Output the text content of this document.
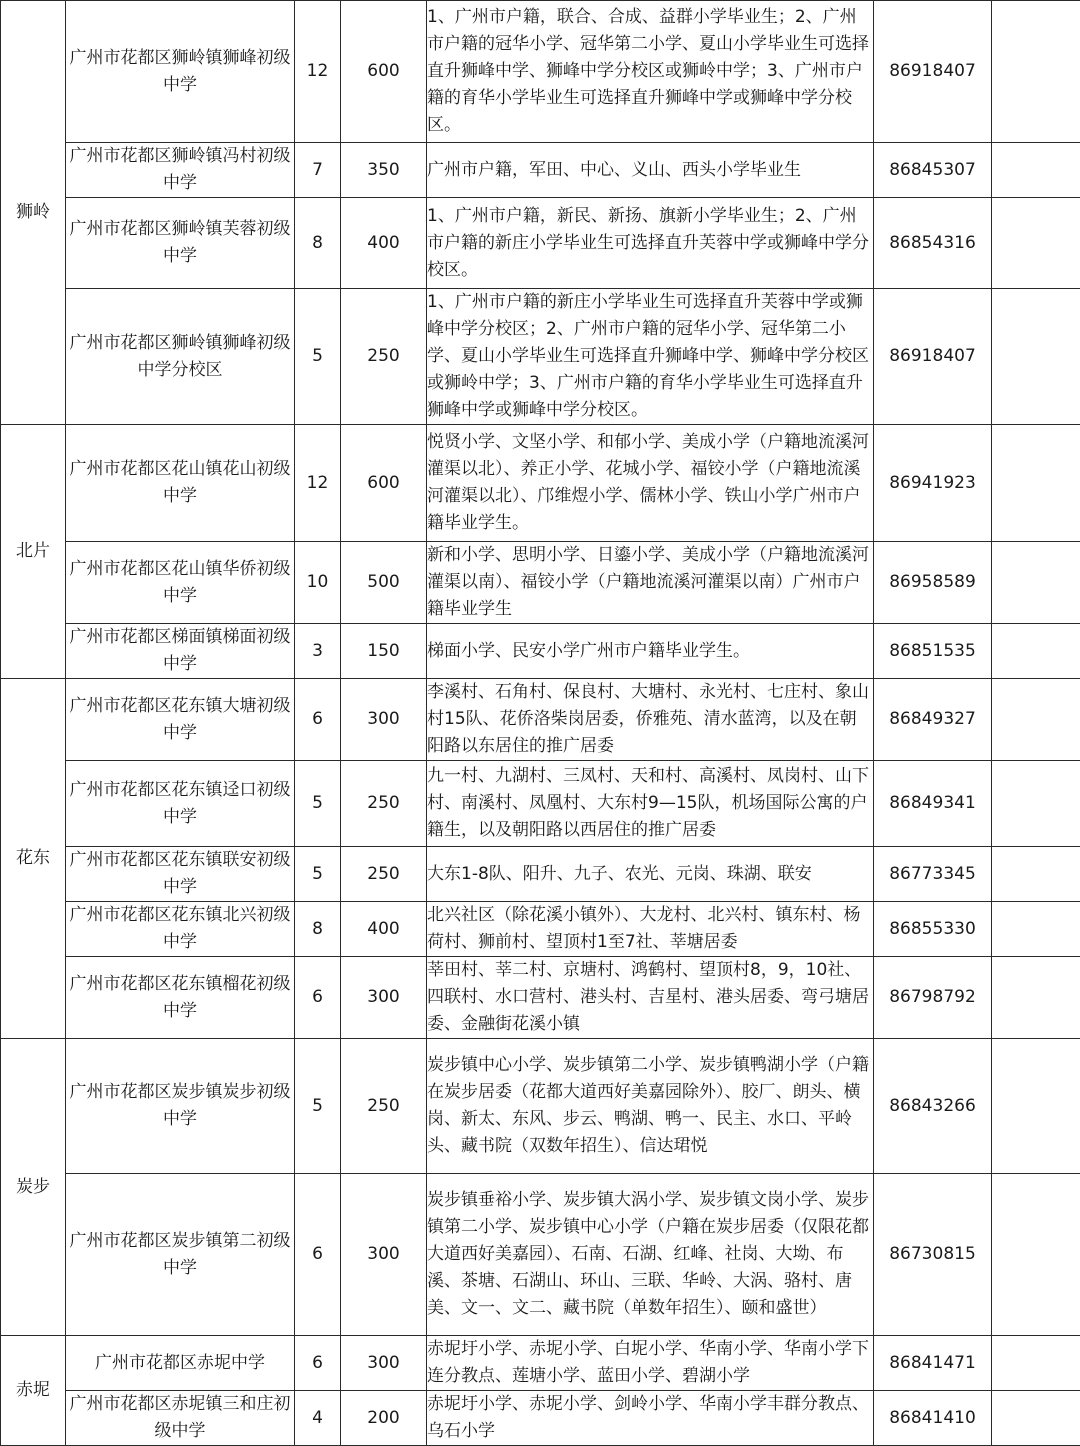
狮岭	广州市花都区狮岭镇狮峰初级中学	12	600	1、广州市户籍，联合、合成、益群小学毕业生；2、广州市户籍的冠华小学、冠华第二小学、夏山小学毕业生可选择直升狮峰中学、狮峰中学分校区或狮岭中学；3、广州市户籍的育华小学毕业生可选择直升狮峰中学或狮峰中学分校区。	86918407	
	广州市花都区狮岭镇冯村初级中学	7	350	广州市户籍，军田、中心、义山、西头小学毕业生	86845307	
	广州市花都区狮岭镇芙蓉初级中学	8	400	1、广州市户籍，新民、新扬、旗新小学毕业生；2、广州市户籍的新庄小学毕业生可选择直升芙蓉中学或狮峰中学分校区。	86854316	
	广州市花都区狮岭镇狮峰初级中学分校区	5	250	1、广州市户籍的新庄小学毕业生可选择直升芙蓉中学或狮峰中学分校区；2、广州市户籍的冠华小学、冠华第二小学、夏山小学毕业生可选择直升狮峰中学、狮峰中学分校区或狮岭中学；3、广州市户籍的育华小学毕业生可选择直升狮峰中学或狮峰中学分校区。	86918407	
北片	广州市花都区花山镇花山初级中学	12	600	悦贤小学、文坚小学、和郁小学、美成小学（户籍地流溪河灌渠以北）、养正小学、花城小学、福铰小学（户籍地流溪河灌渠以北）、邝维煜小学、儒林小学、铁山小学广州市户籍毕业学生。	86941923	
	广州市花都区花山镇华侨初级中学	10	500	新和小学、思明小学、日鎏小学、美成小学（户籍地流溪河灌渠以南）、福铰小学（户籍地流溪河灌渠以南）广州市户籍毕业学生	86958589	
	广州市花都区梯面镇梯面初级中学	3	150	梯面小学、民安小学广州市户籍毕业学生。	86851535	
花东	广州市花都区花东镇大塘初级中学	6	300	李溪村、石角村、保良村、大塘村、永光村、七庄村、象山村15队、花侨洛柴岗居委，侨雅苑、清水蓝湾，以及在朝阳路以东居住的推广居委	86849327	
	广州市花都区花东镇迳口初级中学	5	250	九一村、九湖村、三凤村、天和村、高溪村、凤岗村、山下村、南溪村、凤凰村、大东村9—15队，机场国际公寓的户籍生，以及朝阳路以西居住的推广居委	86849341	
	广州市花都区花东镇联安初级中学	5	250	大东1-8队、阳升、九子、农光、元岗、珠湖、联安	86773345	
	广州市花都区花东镇北兴初级中学	8	400	北兴社区（除花溪小镇外）、大龙村、北兴村、镇东村、杨荷村、狮前村、望顶村1至7社、莘塘居委	86855330	
	广州市花都区花东镇榴花初级中学	6	300	莘田村、莘二村、京塘村、鸿鹤村、望顶村8，9，10社、四联村、水口营村、港头村、吉星村、港头居委、弯弓塘居委、金融街花溪小镇	86798792	
炭步	广州市花都区炭步镇炭步初级中学	5	250	炭步镇中心小学、炭步镇第二小学、炭步镇鸭湖小学（户籍在炭步居委（花都大道西好美嘉园除外）、胶厂、朗头、横岗、新太、东风、步云、鸭湖、鸭一、民主、水口、平岭头、藏书院（双数年招生）、信达珺悦	86843266	
	广州市花都区炭步镇第二初级中学	6	300	炭步镇垂裕小学、炭步镇大涡小学、炭步镇文岗小学、炭步镇第二小学、炭步镇中心小学（户籍在炭步居委（仅限花都大道西好美嘉园）、石南、石湖、红峰、社岗、大坳、布溪、茶塘、石湖山、环山、三联、华岭、大涡、骆村、唐美、文一、文二、藏书院（单数年招生）、颐和盛世）	86730815	
赤坭	广州市花都区赤坭中学	6	300	赤坭圩小学、赤坭小学、白坭小学、华南小学、华南小学下连分教点、莲塘小学、蓝田小学、碧湖小学	86841471	
	广州市花都区赤坭镇三和庄初级中学	4	200	赤坭圩小学、赤坭小学、剑岭小学、华南小学丰群分教点、乌石小学	86841410	
